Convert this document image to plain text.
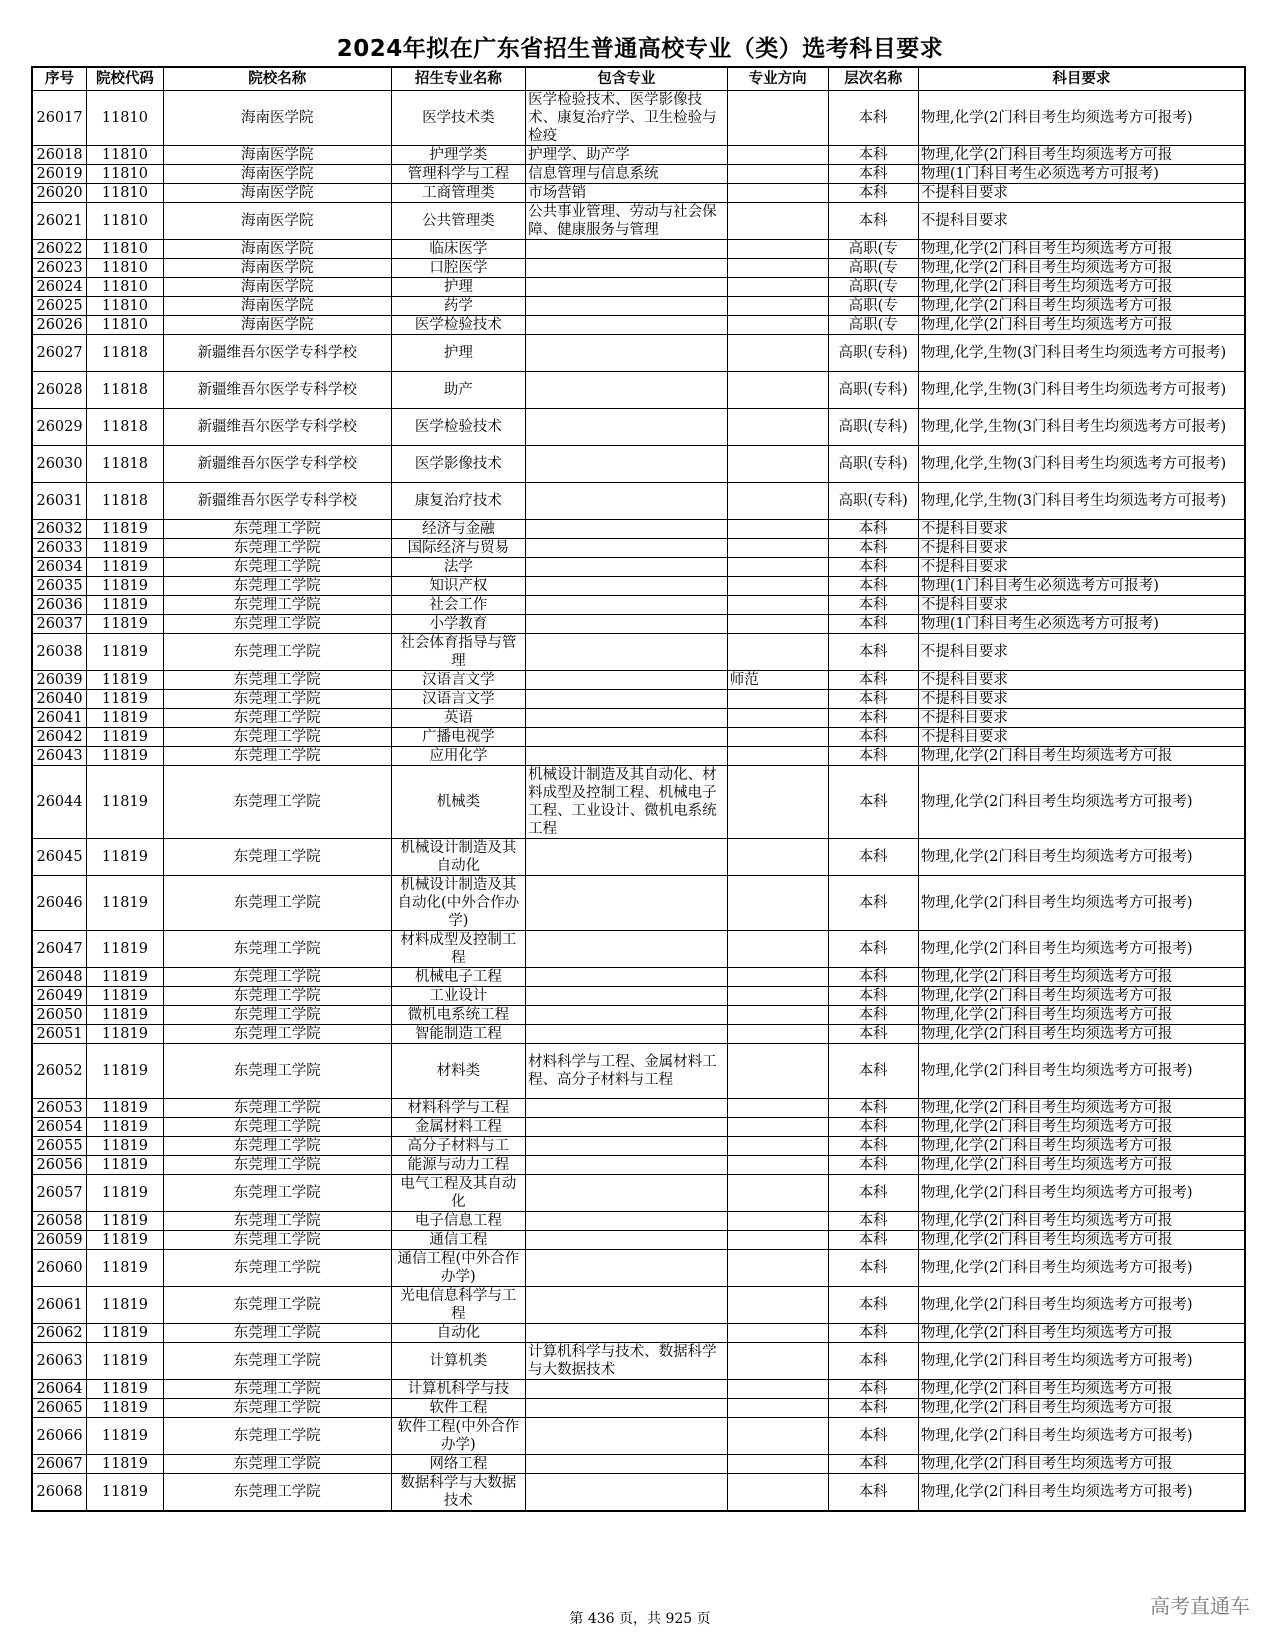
2024年拟在广东省招生普通高校专业（类）选考科目要求
序号	院校代码	院校名称	招生专业名称	包含专业	专业方向	层次名称	科目要求
26017	11810	海南医学院	医学技术类	医学检验技术、医学影像技术、康复治疗学、卫生检验与检疫		本科	物理,化学(2门科目考生均须选考方可报考)
26018	11810	海南医学院	护理学类	护理学、助产学		本科	物理,化学(2门科目考生均须选考方可报
26019	11810	海南医学院	管理科学与工程	信息管理与信息系统		本科	物理(1门科目考生必须选考方可报考)
26020	11810	海南医学院	工商管理类	市场营销		本科	不提科目要求
26021	11810	海南医学院	公共管理类	公共事业管理、劳动与社会保障、健康服务与管理		本科	不提科目要求
26022	11810	海南医学院	临床医学			高职(专	物理,化学(2门科目考生均须选考方可报
26023	11810	海南医学院	口腔医学			高职(专	物理,化学(2门科目考生均须选考方可报
26024	11810	海南医学院	护理			高职(专	物理,化学(2门科目考生均须选考方可报
26025	11810	海南医学院	药学			高职(专	物理,化学(2门科目考生均须选考方可报
26026	11810	海南医学院	医学检验技术			高职(专	物理,化学(2门科目考生均须选考方可报
26027	11818	新疆维吾尔医学专科学校	护理			高职(专科)	物理,化学,生物(3门科目考生均须选考方可报考)
26028	11818	新疆维吾尔医学专科学校	助产			高职(专科)	物理,化学,生物(3门科目考生均须选考方可报考)
26029	11818	新疆维吾尔医学专科学校	医学检验技术			高职(专科)	物理,化学,生物(3门科目考生均须选考方可报考)
26030	11818	新疆维吾尔医学专科学校	医学影像技术			高职(专科)	物理,化学,生物(3门科目考生均须选考方可报考)
26031	11818	新疆维吾尔医学专科学校	康复治疗技术			高职(专科)	物理,化学,生物(3门科目考生均须选考方可报考)
26032	11819	东莞理工学院	经济与金融			本科	不提科目要求
26033	11819	东莞理工学院	国际经济与贸易			本科	不提科目要求
26034	11819	东莞理工学院	法学			本科	不提科目要求
26035	11819	东莞理工学院	知识产权			本科	物理(1门科目考生必须选考方可报考)
26036	11819	东莞理工学院	社会工作			本科	不提科目要求
26037	11819	东莞理工学院	小学教育			本科	物理(1门科目考生必须选考方可报考)
26038	11819	东莞理工学院	社会体育指导与管理			本科	不提科目要求
26039	11819	东莞理工学院	汉语言文学		师范	本科	不提科目要求
26040	11819	东莞理工学院	汉语言文学			本科	不提科目要求
26041	11819	东莞理工学院	英语			本科	不提科目要求
26042	11819	东莞理工学院	广播电视学			本科	不提科目要求
26043	11819	东莞理工学院	应用化学			本科	物理,化学(2门科目考生均须选考方可报
26044	11819	东莞理工学院	机械类	机械设计制造及其自动化、材料成型及控制工程、机械电子工程、工业设计、微机电系统工程		本科	物理,化学(2门科目考生均须选考方可报考)
26045	11819	东莞理工学院	机械设计制造及其自动化			本科	物理,化学(2门科目考生均须选考方可报考)
26046	11819	东莞理工学院	机械设计制造及其自动化(中外合作办学)			本科	物理,化学(2门科目考生均须选考方可报考)
26047	11819	东莞理工学院	材料成型及控制工程			本科	物理,化学(2门科目考生均须选考方可报考)
26048	11819	东莞理工学院	机械电子工程			本科	物理,化学(2门科目考生均须选考方可报
26049	11819	东莞理工学院	工业设计			本科	物理,化学(2门科目考生均须选考方可报
26050	11819	东莞理工学院	微机电系统工程			本科	物理,化学(2门科目考生均须选考方可报
26051	11819	东莞理工学院	智能制造工程			本科	物理,化学(2门科目考生均须选考方可报
26052	11819	东莞理工学院	材料类	材料科学与工程、金属材料工程、高分子材料与工程		本科	物理,化学(2门科目考生均须选考方可报考)
26053	11819	东莞理工学院	材料科学与工程			本科	物理,化学(2门科目考生均须选考方可报
26054	11819	东莞理工学院	金属材料工程			本科	物理,化学(2门科目考生均须选考方可报
26055	11819	东莞理工学院	高分子材料与工			本科	物理,化学(2门科目考生均须选考方可报
26056	11819	东莞理工学院	能源与动力工程			本科	物理,化学(2门科目考生均须选考方可报
26057	11819	东莞理工学院	电气工程及其自动化			本科	物理,化学(2门科目考生均须选考方可报考)
26058	11819	东莞理工学院	电子信息工程			本科	物理,化学(2门科目考生均须选考方可报
26059	11819	东莞理工学院	通信工程			本科	物理,化学(2门科目考生均须选考方可报
26060	11819	东莞理工学院	通信工程(中外合作办学)			本科	物理,化学(2门科目考生均须选考方可报考)
26061	11819	东莞理工学院	光电信息科学与工程			本科	物理,化学(2门科目考生均须选考方可报考)
26062	11819	东莞理工学院	自动化			本科	物理,化学(2门科目考生均须选考方可报
26063	11819	东莞理工学院	计算机类	计算机科学与技术、数据科学与大数据技术		本科	物理,化学(2门科目考生均须选考方可报考)
26064	11819	东莞理工学院	计算机科学与技			本科	物理,化学(2门科目考生均须选考方可报
26065	11819	东莞理工学院	软件工程			本科	物理,化学(2门科目考生均须选考方可报
26066	11819	东莞理工学院	软件工程(中外合作办学)			本科	物理,化学(2门科目考生均须选考方可报考)
26067	11819	东莞理工学院	网络工程			本科	物理,化学(2门科目考生均须选考方可报
26068	11819	东莞理工学院	数据科学与大数据技术			本科	物理,化学(2门科目考生均须选考方可报考)
第 436 页，共 925 页
高考直通车
